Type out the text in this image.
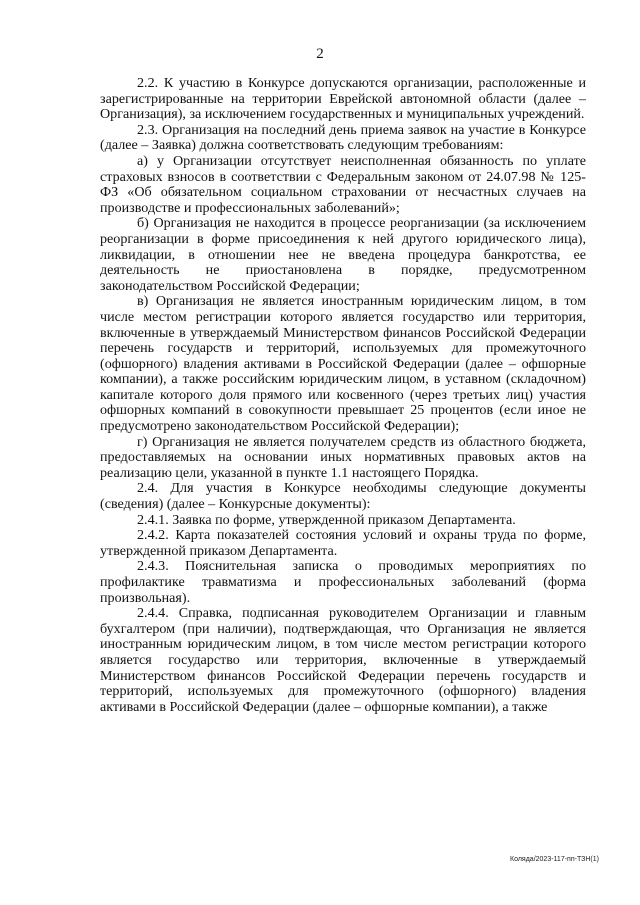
2

2.2. К участию в Конкурсе допускаются организации, расположенные и зарегистрированные на территории Еврейской автономной области (далее – Организация), за исключением государственных и муниципальных учреждений.

2.3. Организация на последний день приема заявок на участие в Конкурсе (далее – Заявка) должна соответствовать следующим требованиям:

а) у Организации отсутствует неисполненная обязанность по уплате страховых взносов в соответствии с Федеральным законом от 24.07.98 № 125-ФЗ «Об обязательном социальном страховании от несчастных случаев на производстве и профессиональных заболеваний»;

б) Организация не находится в процессе реорганизации (за исключением реорганизации в форме присоединения к ней другого юридического лица), ликвидации, в отношении нее не введена процедура банкротства, ее деятельность не приостановлена в порядке, предусмотренном законодательством Российской Федерации;

в) Организация не является иностранным юридическим лицом, в том числе местом регистрации которого является государство или территория, включенные в утверждаемый Министерством финансов Российской Федерации перечень государств и территорий, используемых для промежуточного (офшорного) владения активами в Российской Федерации (далее – офшорные компании), а также российским юридическим лицом, в уставном (складочном) капитале которого доля прямого или косвенного (через третьих лиц) участия офшорных компаний в совокупности превышает 25 процентов (если иное не предусмотрено законодательством Российской Федерации);

г) Организация не является получателем средств из областного бюджета, предоставляемых на основании иных нормативных правовых актов на реализацию цели, указанной в пункте 1.1 настоящего Порядка.

2.4. Для участия в Конкурсе необходимы следующие документы (сведения) (далее – Конкурсные документы):

2.4.1. Заявка по форме, утвержденной приказом Департамента.

2.4.2. Карта показателей состояния условий и охраны труда по форме, утвержденной приказом Департамента.

2.4.3. Пояснительная записка о проводимых мероприятиях по профилактике травматизма и профессиональных заболеваний (форма произвольная).

2.4.4. Справка, подписанная руководителем Организации и главным бухгалтером (при наличии), подтверждающая, что Организация не является иностранным юридическим лицом, в том числе местом регистрации которого является государство или территория, включенные в утверждаемый Министерством финансов Российской Федерации перечень государств и территорий, используемых для промежуточного (офшорного) владения активами в Российской Федерации (далее – офшорные компании), а также

Коляда/2023-117-пп-ТЗН(1)
